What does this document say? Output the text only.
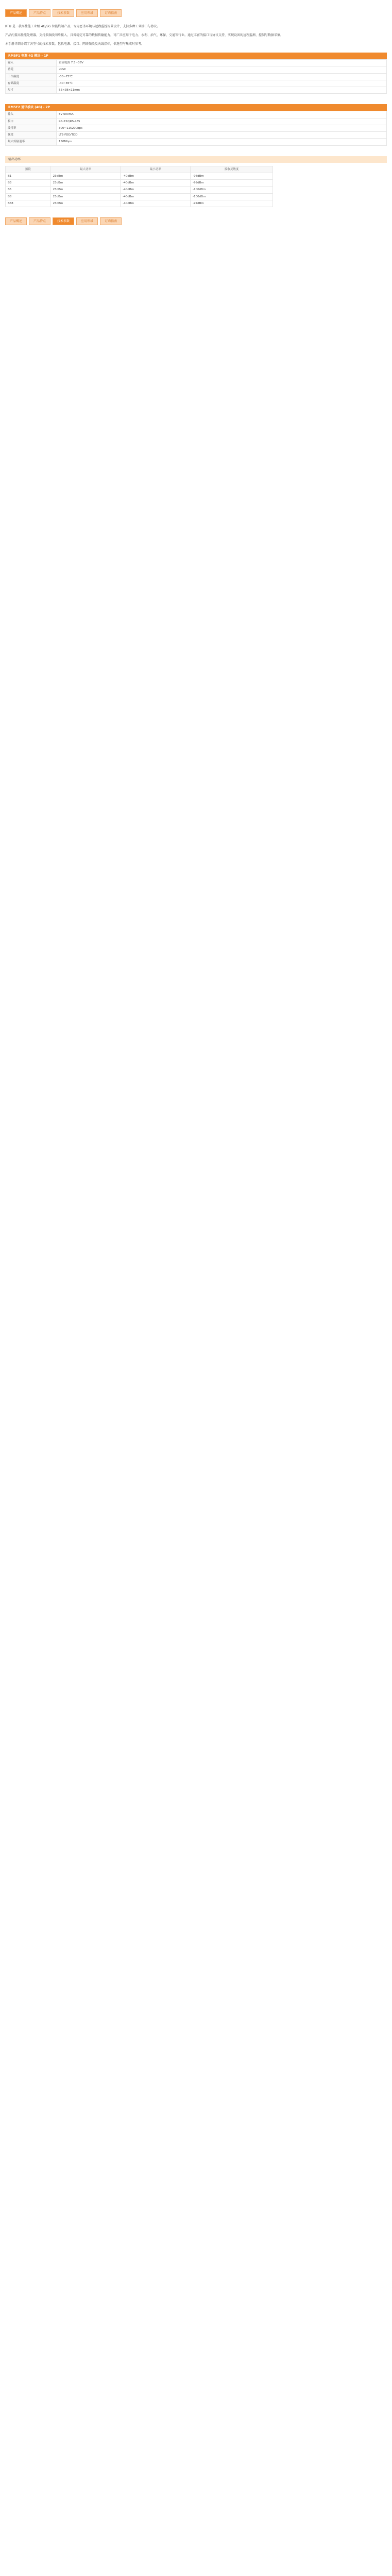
产品概述	产品特点	技术参数	应用领域	订购指南

RTU 是一款高性能工业级 4G/5G 智能终端产品，专为恶劣环境与远程监控场景设计，支持多种工业接口与协议。

产品内置高性能处理器，支持多频段网络接入，具备稳定可靠的数据传输能力，可广泛应用于电力、水利、油气、环保、交通等行业。通过丰富的接口与协议支持，实现设备的远程监测、控制与数据采集。

本手册详细介绍了各型号的技术参数，包括电源、接口、网络频段及天线指标，供选型与集成时参考。

RM5F1 电源 4G 模块 - 1P
输入	直流电源 7.5~36V
功耗	<2W
工作温度	-30~75℃
存储温度	-40~85℃
尺寸	55×38×11mm
RM5F2 通讯模块 (4G) - 2P
输入	5V 600mA
接口	RS-232/RS-485
波特率	300~115200bps
频段	LTE-FDD/TDD
最大传输速率	150Mbps
输出功率
频段	最大功率	最小功率	接收灵敏度
B1	23dBm	-40dBm	-98dBm
B3	23dBm	-40dBm	-99dBm
B5	23dBm	-40dBm	-100dBm
B8	23dBm	-40dBm	-100dBm
B38	23dBm	-40dBm	-97dBm
产品概述	产品特点	技术参数	应用领域	订购指南
